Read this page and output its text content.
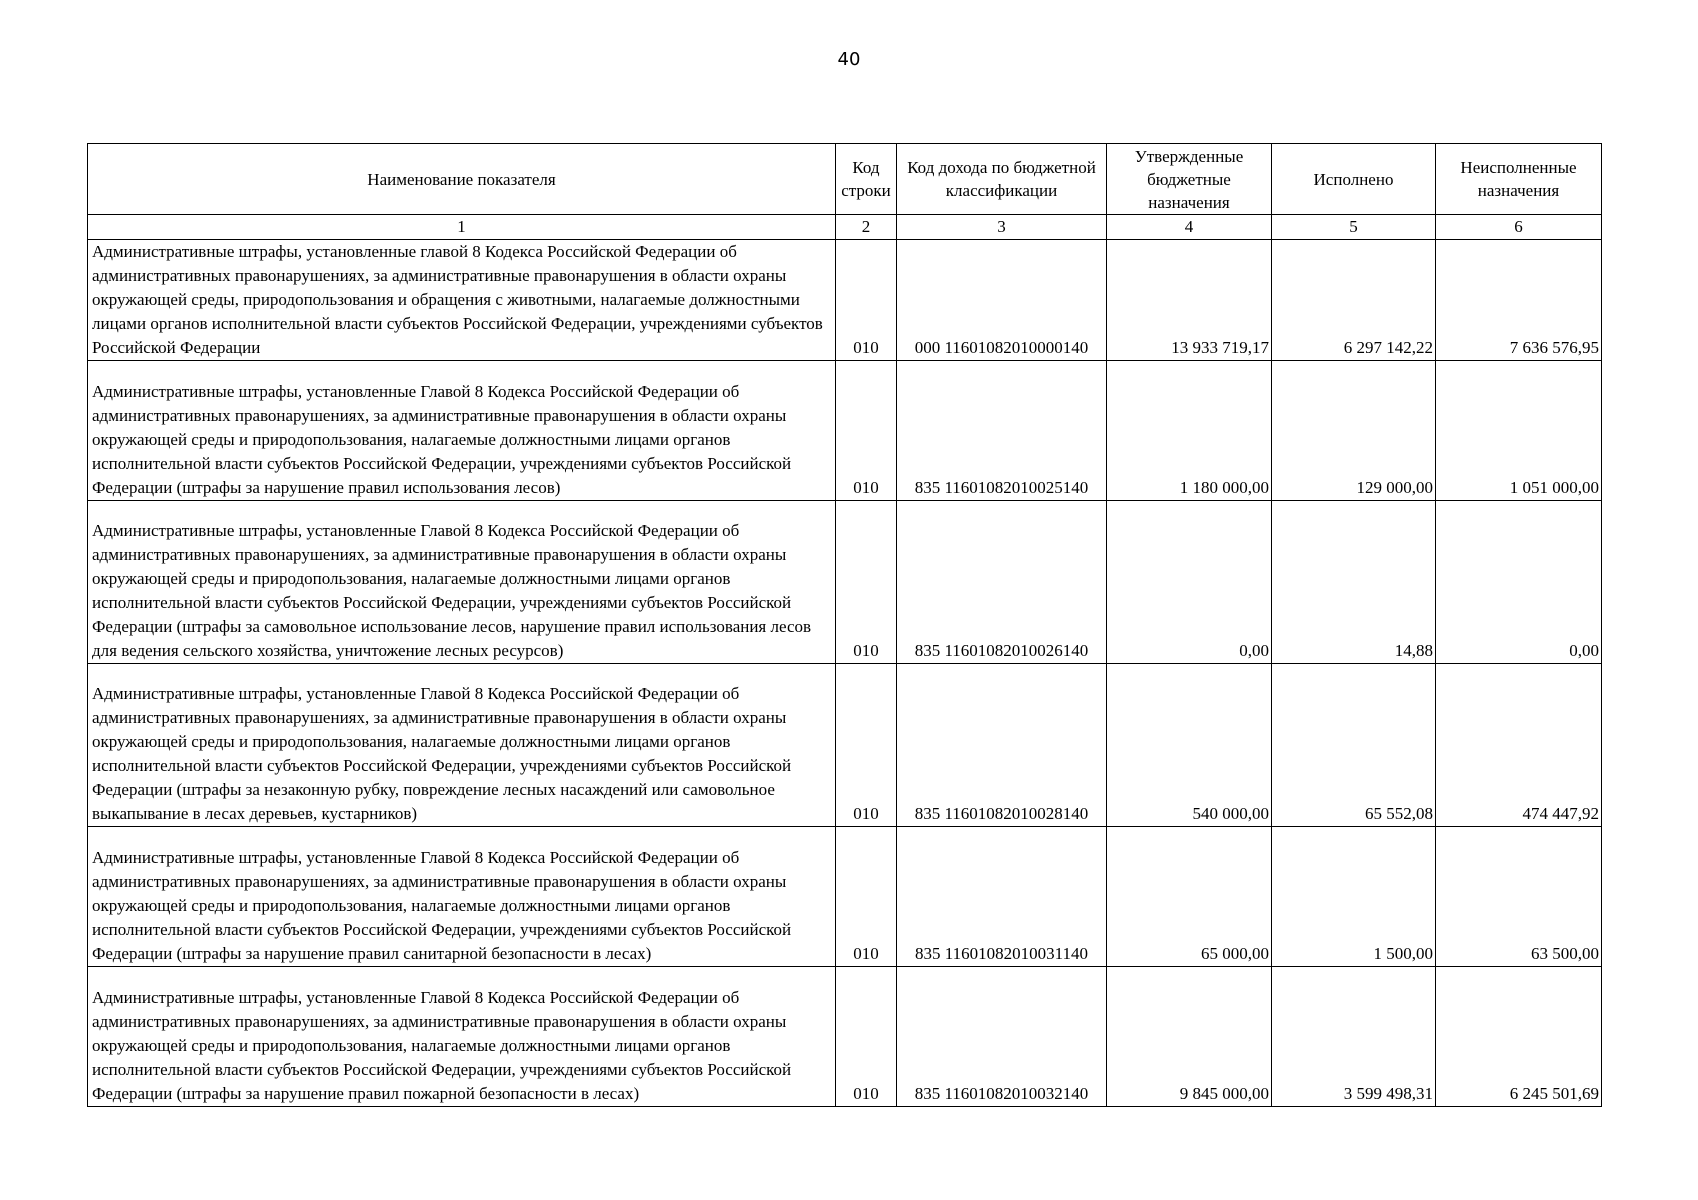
40
Наименование показателя	Код строки	Код дохода по бюджетной классификации	Утвержденные бюджетные назначения	Исполнено	Неисполненные назначения
1	2	3	4	5	6

Административные штрафы, установленные главой 8 Кодекса Российской Федерации об административных правонарушениях, за административные правонарушения в области охраны окружающей среды, природопользования и обращения с животными, налагаемые должностными лицами органов исполнительной власти субъектов Российской Федерации, учреждениями субъектов Российской Федерации	010	000 11601082010000140	13 933 719,17	6 297 142,22	7 636 576,95

Административные штрафы, установленные Главой 8 Кодекса Российской Федерации об административных правонарушениях, за административные правонарушения в области охраны окружающей среды и природопользования, налагаемые должностными лицами органов исполнительной власти субъектов Российской Федерации, учреждениями субъектов Российской Федерации (штрафы за нарушение правил использования лесов)	010	835 11601082010025140	1 180 000,00	129 000,00	1 051 000,00

Административные штрафы, установленные Главой 8 Кодекса Российской Федерации об административных правонарушениях, за административные правонарушения в области охраны окружающей среды и природопользования, налагаемые должностными лицами органов исполнительной власти субъектов Российской Федерации, учреждениями субъектов Российской Федерации (штрафы за самовольное использование лесов, нарушение правил использования лесов для ведения сельского хозяйства, уничтожение лесных ресурсов)	010	835 11601082010026140	0,00	14,88	0,00

Административные штрафы, установленные Главой 8 Кодекса Российской Федерации об административных правонарушениях, за административные правонарушения в области охраны окружающей среды и природопользования, налагаемые должностными лицами органов исполнительной власти субъектов Российской Федерации, учреждениями субъектов Российской Федерации (штрафы за незаконную рубку, повреждение лесных насаждений или самовольное выкапывание в лесах деревьев, кустарников)	010	835 11601082010028140	540 000,00	65 552,08	474 447,92

Административные штрафы, установленные Главой 8 Кодекса Российской Федерации об административных правонарушениях, за административные правонарушения в области охраны окружающей среды и природопользования, налагаемые должностными лицами органов исполнительной власти субъектов Российской Федерации, учреждениями субъектов Российской Федерации (штрафы за нарушение правил санитарной безопасности в лесах)	010	835 11601082010031140	65 000,00	1 500,00	63 500,00

Административные штрафы, установленные Главой 8 Кодекса Российской Федерации об административных правонарушениях, за административные правонарушения в области охраны окружающей среды и природопользования, налагаемые должностными лицами органов исполнительной власти субъектов Российской Федерации, учреждениями субъектов Российской Федерации (штрафы за нарушение правил пожарной безопасности в лесах)	010	835 11601082010032140	9 845 000,00	3 599 498,31	6 245 501,69
